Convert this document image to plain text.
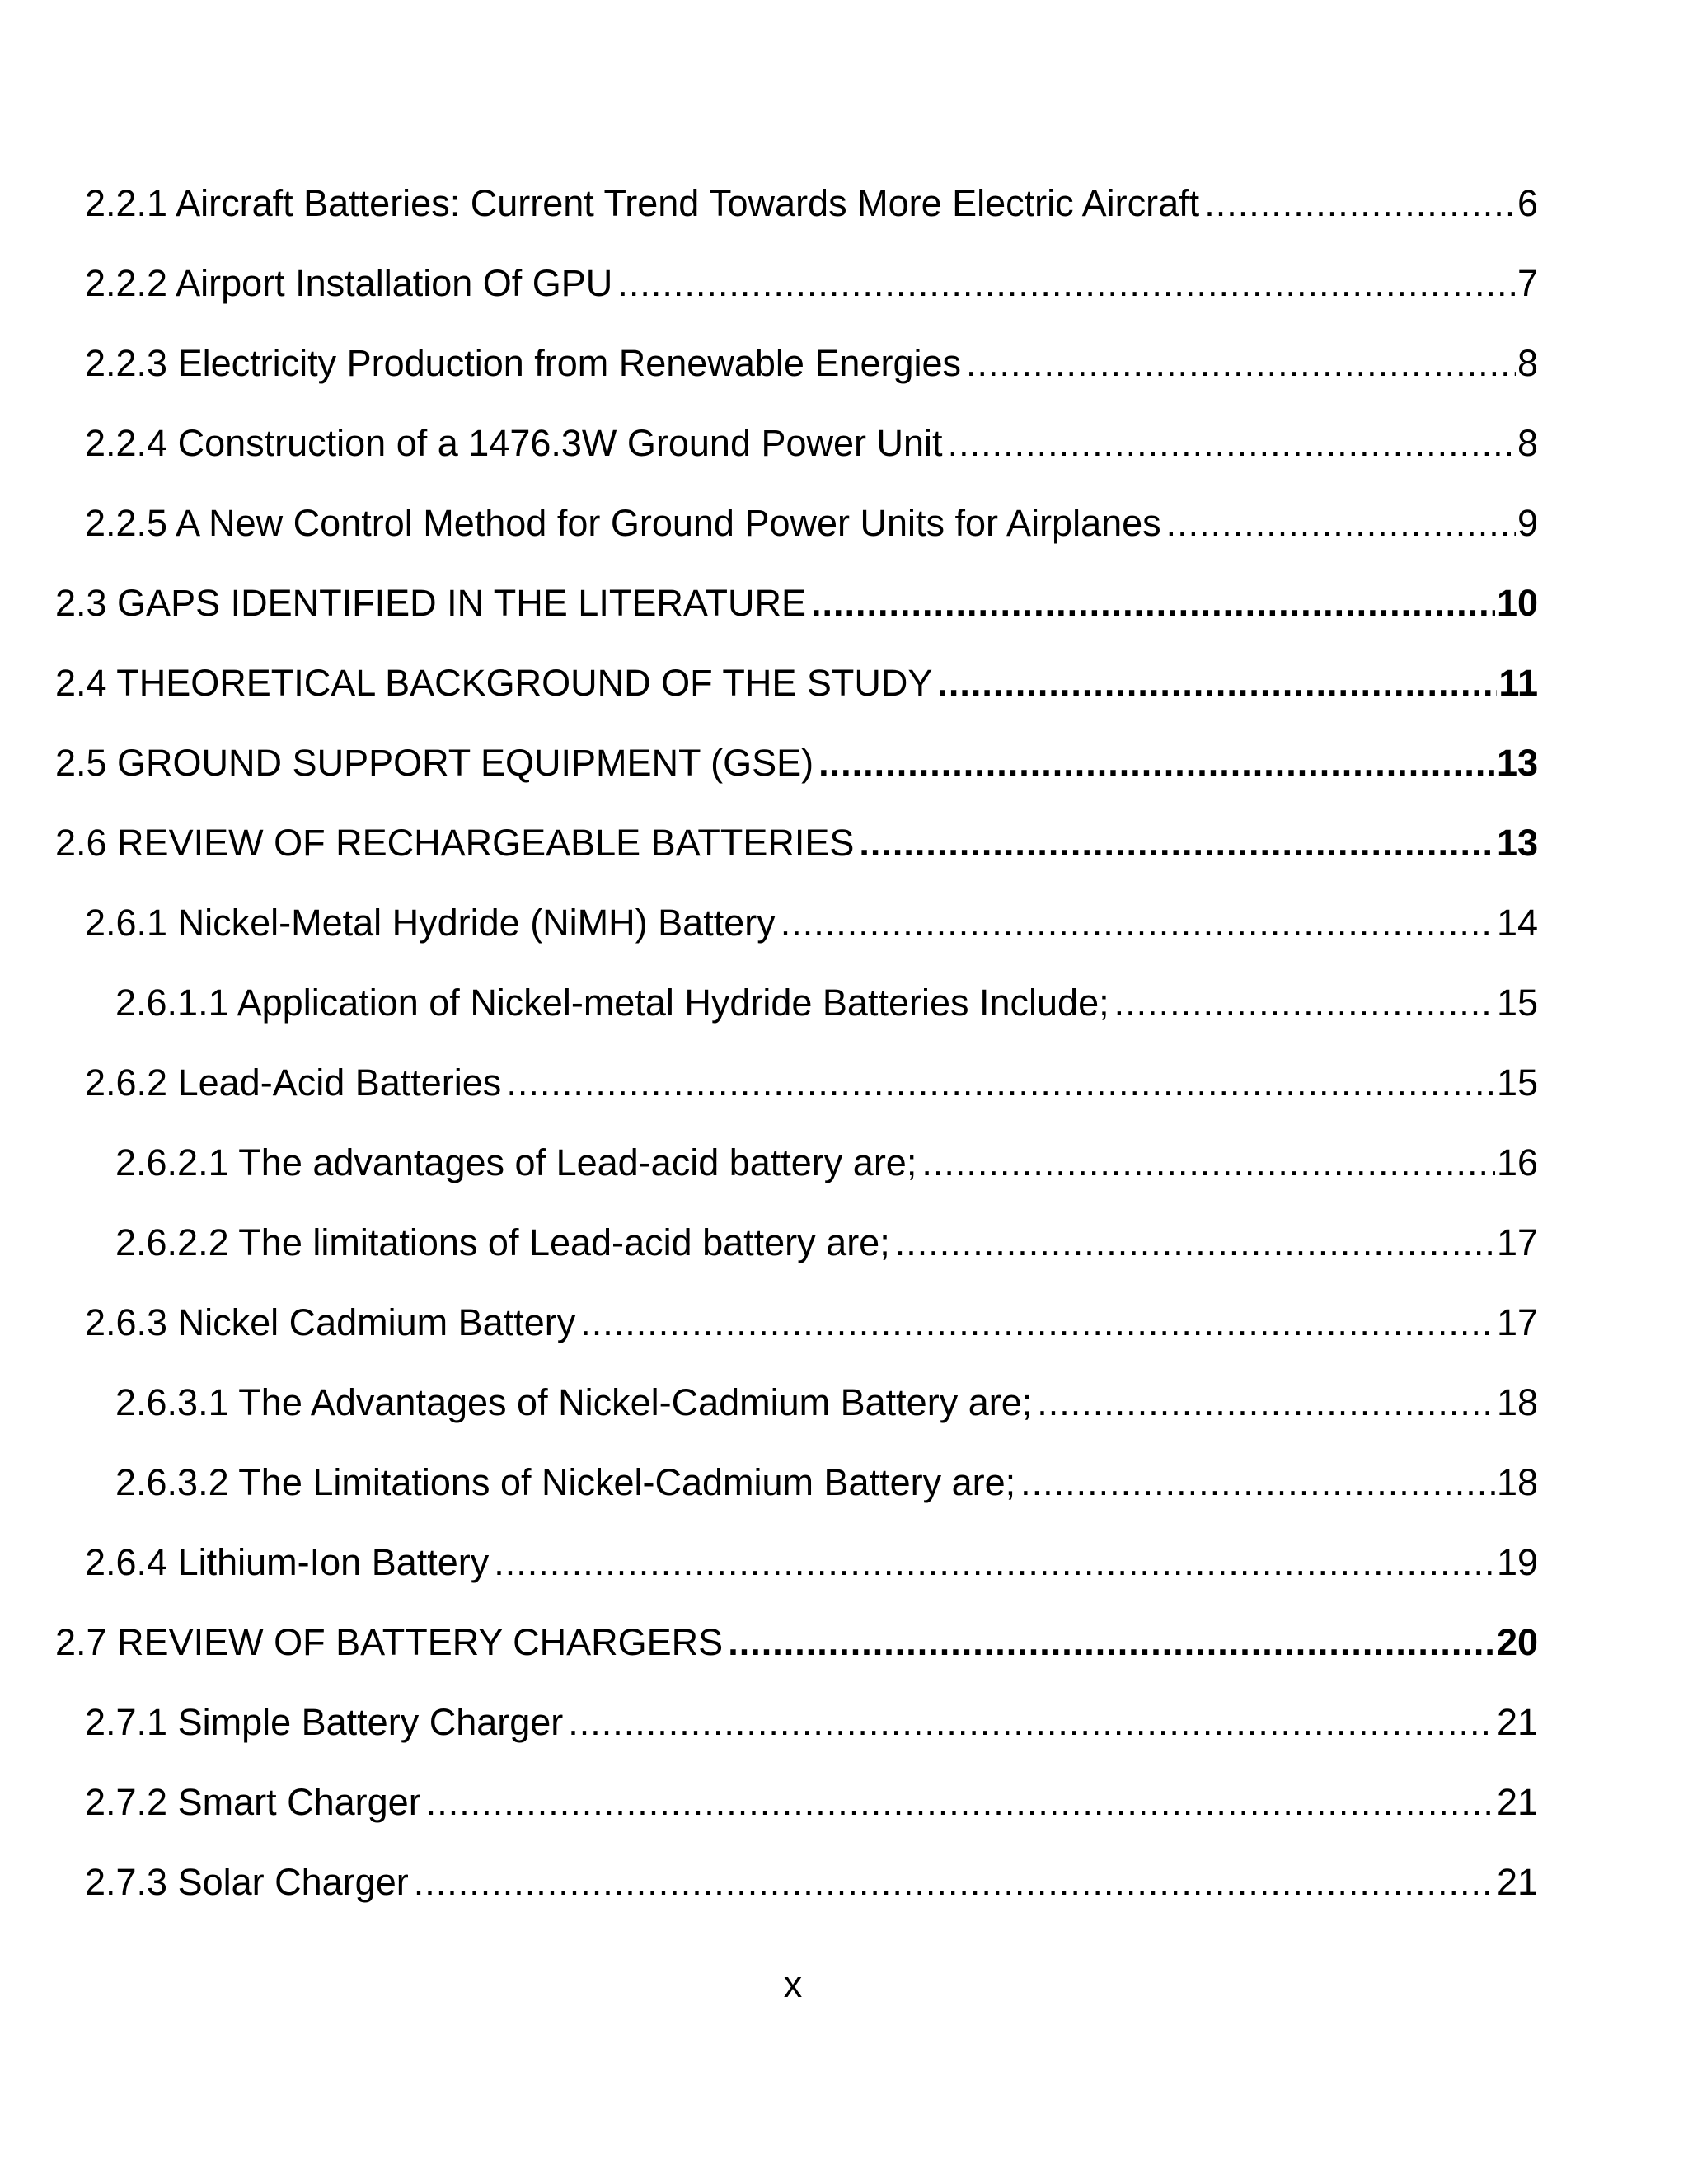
2.2.1 Aircraft Batteries: Current Trend Towards More Electric Aircraft .....	6
2.2.2 Airport Installation Of GPU .....	7
2.2.3 Electricity Production from Renewable Energies .....	8
2.2.4 Construction of a 1476.3W Ground Power Unit .....	8
2.2.5 A New Control Method for Ground Power Units for Airplanes .....	9
2.3 GAPS IDENTIFIED IN THE LITERATURE .....	10
2.4 THEORETICAL BACKGROUND OF THE STUDY .....	11
2.5 GROUND SUPPORT EQUIPMENT (GSE) .....	13
2.6 REVIEW OF RECHARGEABLE BATTERIES .....	13
2.6.1 Nickel-Metal Hydride (NiMH) Battery .....	14
2.6.1.1 Application of Nickel-metal Hydride Batteries Include; .....	15
2.6.2 Lead-Acid Batteries .....	15
2.6.2.1 The advantages of Lead-acid battery are; .....	16
2.6.2.2 The limitations of Lead-acid battery are; .....	17
2.6.3 Nickel Cadmium Battery .....	17
2.6.3.1 The Advantages of Nickel-Cadmium Battery are; .....	18
2.6.3.2 The Limitations of Nickel-Cadmium Battery are; .....	18
2.6.4 Lithium-Ion Battery .....	19
2.7 REVIEW OF BATTERY CHARGERS .....	20
2.7.1 Simple Battery Charger .....	21
2.7.2 Smart Charger .....	21
2.7.3 Solar Charger .....	21
x
